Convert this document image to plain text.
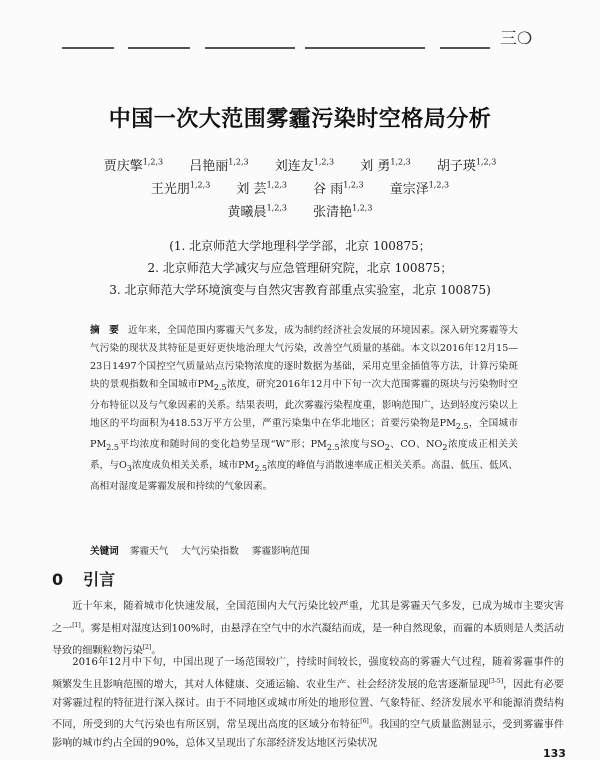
三❍
中国一次大范围雾霾污染时空格局分析
贾庆擎$^{1,2,3}$ 吕艳丽$^{1,2,3}$ 刘连友$^{1,2,3}$ 刘 勇$^{1,2,3}$ 胡子瑛$^{1,2,3}$
王光朋$^{1,2,3}$ 刘 芸$^{1,2,3}$ 谷 雨$^{1,2,3}$ 童宗泽$^{1,2,3}$
黄曦晨$^{1,2,3}$ 张清艳$^{1,2,3}$
(1. 北京师范大学地理科学学部，北京 100875；
2. 北京师范大学减灾与应急管理研究院，北京 100875；
3. 北京师范大学环境演变与自然灾害教育部重点实验室，北京 100875)
摘 要 近年来，全国范围内雾霾天气多发，成为制约经济社会发展的环境因素。深入研究雾霾等大气污染的现状及其特征是更好更快地治理大气污染，改善空气质量的基础。本文以2016年12月15—23日1497个国控空气质量站点污染物浓度的逐时数据为基础，采用克里金插值等方法，计算污染斑块的景观指数和全国城市$PM_{2.5}$浓度，研究2016年12月中下旬一次大范围雾霾的斑块与污染物时空分布特征以及与气象因素的关系。结果表明，此次雾霾污染程度重，影响范围广，达到轻度污染以上地区的平均面积为418.53万平方公里，严重污染集中在华北地区；首要污染物是$PM_{2.5}$，全国城市$PM_{2.5}$平均浓度和随时间的变化趋势呈现“W”形；$PM_{2.5}$浓度与$SO_2$、CO、$NO_2$浓度成正相关关系，与$O_3$浓度成负相关关系，城市$PM_{2.5}$浓度的峰值与消散速率成正相关关系。高温、低压、低风、高相对湿度是雾霾发展和持续的气象因素。
关键词 雾霾天气 大气污染指数 雾霾影响范围
0 引言
近十年来，随着城市化快速发展，全国范围内大气污染比较严重，尤其是雾霾天气多发，已成为城市主要灾害之一[1]。雾是相对湿度达到100%时，由悬浮在空气中的水汽凝结而成，是一种自然现象，而霾的本质则是人类活动导致的细颗粒物污染[2]。
2016年12月中下旬，中国出现了一场范围较广，持续时间较长，强度较高的雾霾大气过程，随着雾霾事件的频繁发生且影响范围的增大，其对人体健康、交通运输、农业生产、社会经济发展的危害逐渐显现[3-5]，因此有必要对雾霾过程的特征进行深入探讨。由于不同地区或城市所处的地形位置、气象特征、经济发展水平和能源消费结构不同，所受到的大气污染也有所区别，常呈现出高度的区域分布特征[6]。我国的空气质量监测显示，受到雾霾事件影响的城市约占全国的90%，总体又呈现出了东部经济发达地区污染状况
133
